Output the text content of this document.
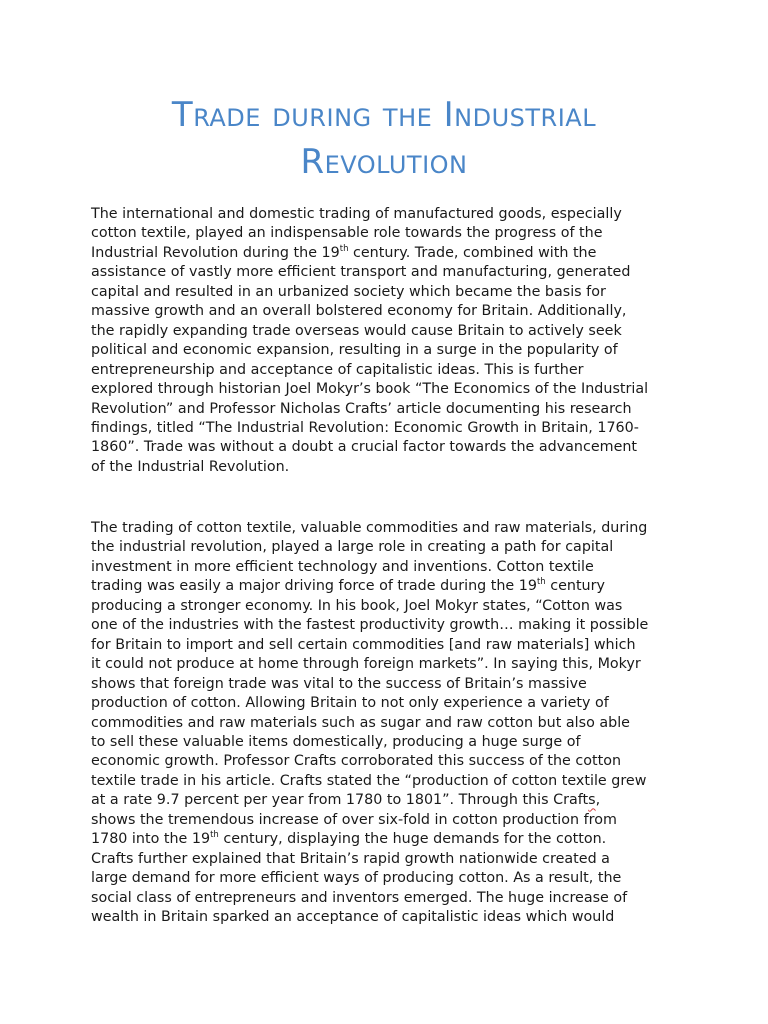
Trade during the Industrial
Revolution

The international and domestic trading of manufactured goods, especially
cotton textile, played an indispensable role towards the progress of the
Industrial Revolution during the 19th century. Trade, combined with the
assistance of vastly more efficient transport and manufacturing, generated
capital and resulted in an urbanized society which became the basis for
massive growth and an overall bolstered economy for Britain. Additionally,
the rapidly expanding trade overseas would cause Britain to actively seek
political and economic expansion, resulting in a surge in the popularity of
entrepreneurship and acceptance of capitalistic ideas. This is further
explored through historian Joel Mokyr’s book “The Economics of the Industrial
Revolution” and Professor Nicholas Crafts’ article documenting his research
findings, titled “The Industrial Revolution: Economic Growth in Britain, 1760-
1860”. Trade was without a doubt a crucial factor towards the advancement
of the Industrial Revolution.

The trading of cotton textile, valuable commodities and raw materials, during
the industrial revolution, played a large role in creating a path for capital
investment in more efficient technology and inventions. Cotton textile
trading was easily a major driving force of trade during the 19th century
producing a stronger economy. In his book, Joel Mokyr states, “Cotton was
one of the industries with the fastest productivity growth… making it possible
for Britain to import and sell certain commodities [and raw materials] which
it could not produce at home through foreign markets”. In saying this, Mokyr
shows that foreign trade was vital to the success of Britain’s massive
production of cotton. Allowing Britain to not only experience a variety of
commodities and raw materials such as sugar and raw cotton but also able
to sell these valuable items domestically, producing a huge surge of
economic growth. Professor Crafts corroborated this success of the cotton
textile trade in his article. Crafts stated the “production of cotton textile grew
at a rate 9.7 percent per year from 1780 to 1801”. Through this Crafts,
shows the tremendous increase of over six-fold in cotton production from
1780 into the 19th century, displaying the huge demands for the cotton.
Crafts further explained that Britain’s rapid growth nationwide created a
large demand for more efficient ways of producing cotton. As a result, the
social class of entrepreneurs and inventors emerged. The huge increase of
wealth in Britain sparked an acceptance of capitalistic ideas which would
